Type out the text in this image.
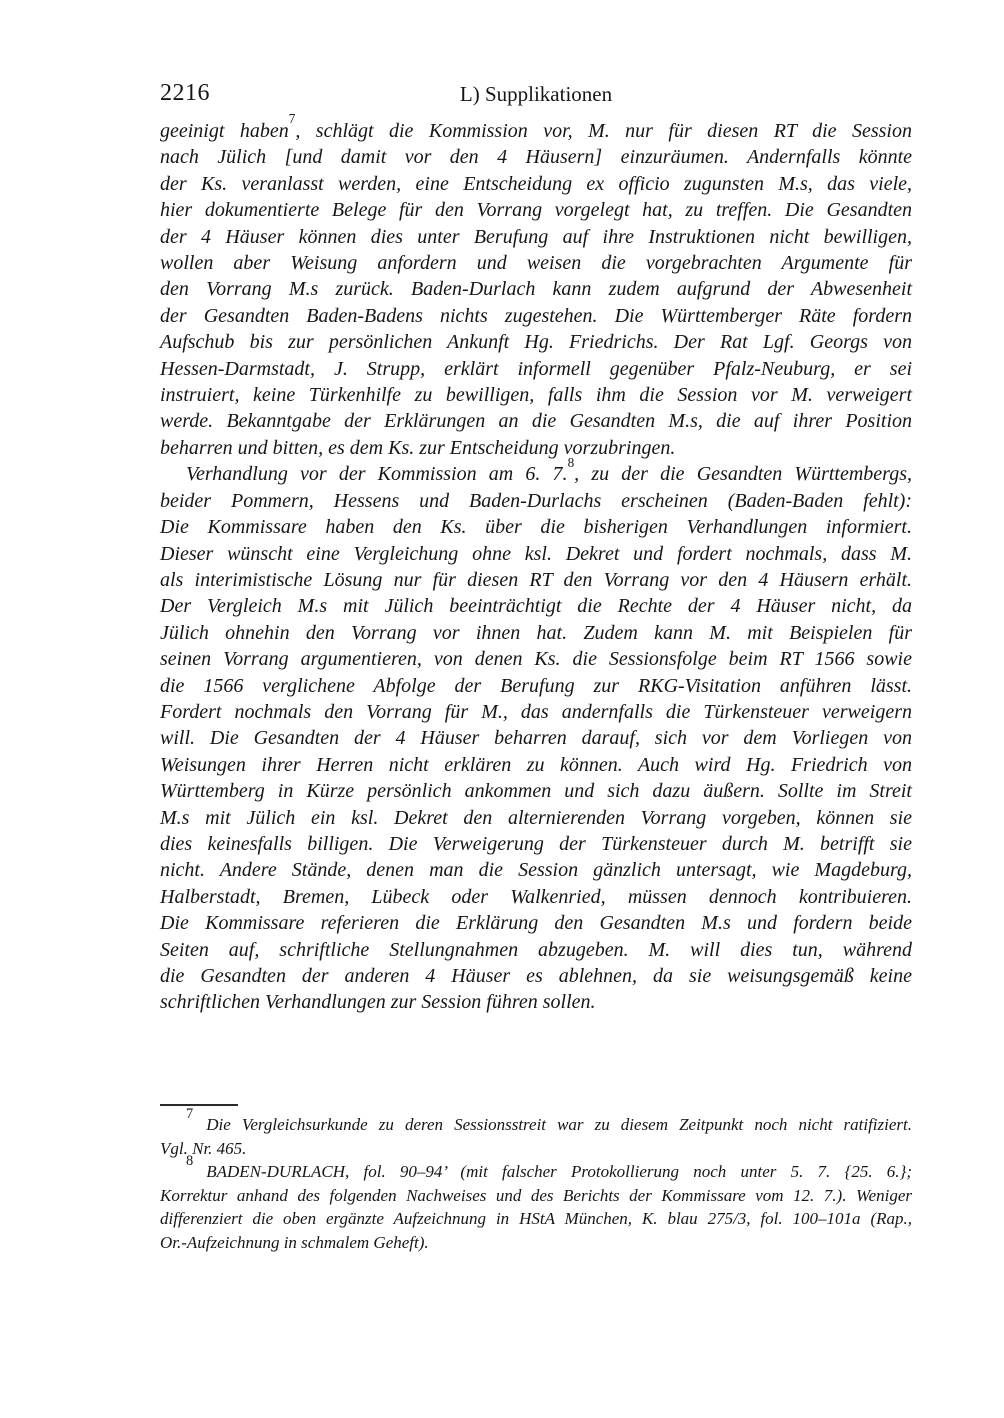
2216	L) Supplikationen
geeinigt haben$^7$, schlägt die Kommission vor, M. nur für diesen RT die Session
nach Jülich [und damit vor den 4 Häusern] einzuräumen. Andernfalls könnte
der Ks. veranlasst werden, eine Entscheidung ex officio zugunsten M.s, das viele,
hier dokumentierte Belege für den Vorrang vorgelegt hat, zu treffen. Die Gesandten
der 4 Häuser können dies unter Berufung auf ihre Instruktionen nicht bewilligen,
wollen aber Weisung anfordern und weisen die vorgebrachten Argumente für
den Vorrang M.s zurück. Baden-Durlach kann zudem aufgrund der Abwesenheit
der Gesandten Baden-Badens nichts zugestehen. Die Württemberger Räte fordern
Aufschub bis zur persönlichen Ankunft Hg. Friedrichs. Der Rat Lgf. Georgs von
Hessen-Darmstadt, J. Strupp, erklärt informell gegenüber Pfalz-Neuburg, er sei
instruiert, keine Türkenhilfe zu bewilligen, falls ihm die Session vor M. verweigert
werde. Bekanntgabe der Erklärungen an die Gesandten M.s, die auf ihrer Position
beharren und bitten, es dem Ks. zur Entscheidung vorzubringen.
Verhandlung vor der Kommission am 6. 7.$^8$, zu der die Gesandten Württembergs,
beider Pommern, Hessens und Baden-Durlachs erscheinen (Baden-Baden fehlt):
Die Kommissare haben den Ks. über die bisherigen Verhandlungen informiert.
Dieser wünscht eine Vergleichung ohne ksl. Dekret und fordert nochmals, dass M.
als interimistische Lösung nur für diesen RT den Vorrang vor den 4 Häusern erhält.
Der Vergleich M.s mit Jülich beeinträchtigt die Rechte der 4 Häuser nicht, da
Jülich ohnehin den Vorrang vor ihnen hat. Zudem kann M. mit Beispielen für
seinen Vorrang argumentieren, von denen Ks. die Sessionsfolge beim RT 1566 sowie
die 1566 verglichene Abfolge der Berufung zur RKG-Visitation anführen lässt.
Fordert nochmals den Vorrang für M., das andernfalls die Türkensteuer verweigern
will. Die Gesandten der 4 Häuser beharren darauf, sich vor dem Vorliegen von
Weisungen ihrer Herren nicht erklären zu können. Auch wird Hg. Friedrich von
Württemberg in Kürze persönlich ankommen und sich dazu äußern. Sollte im Streit
M.s mit Jülich ein ksl. Dekret den alternierenden Vorrang vorgeben, können sie
dies keinesfalls billigen. Die Verweigerung der Türkensteuer durch M. betrifft sie
nicht. Andere Stände, denen man die Session gänzlich untersagt, wie Magdeburg,
Halberstadt, Bremen, Lübeck oder Walkenried, müssen dennoch kontribuieren.
Die Kommissare referieren die Erklärung den Gesandten M.s und fordern beide
Seiten auf, schriftliche Stellungnahmen abzugeben. M. will dies tun, während
die Gesandten der anderen 4 Häuser es ablehnen, da sie weisungsgemäß keine
schriftlichen Verhandlungen zur Session führen sollen.
$^7$Die Vergleichsurkunde zu deren Sessionsstreit war zu diesem Zeitpunkt noch nicht ratifiziert.
Vgl. Nr. 465.
$^8$BADEN-DURLACH, fol. 90–94’ (mit falscher Protokollierung noch unter 5. 7. {25. 6.};
Korrektur anhand des folgenden Nachweises und des Berichts der Kommissare vom 12. 7.). Weniger
differenziert die oben ergänzte Aufzeichnung in HStA München, K. blau 275/3, fol. 100–101a (Rap.,
Or.-Aufzeichnung in schmalem Geheft).
